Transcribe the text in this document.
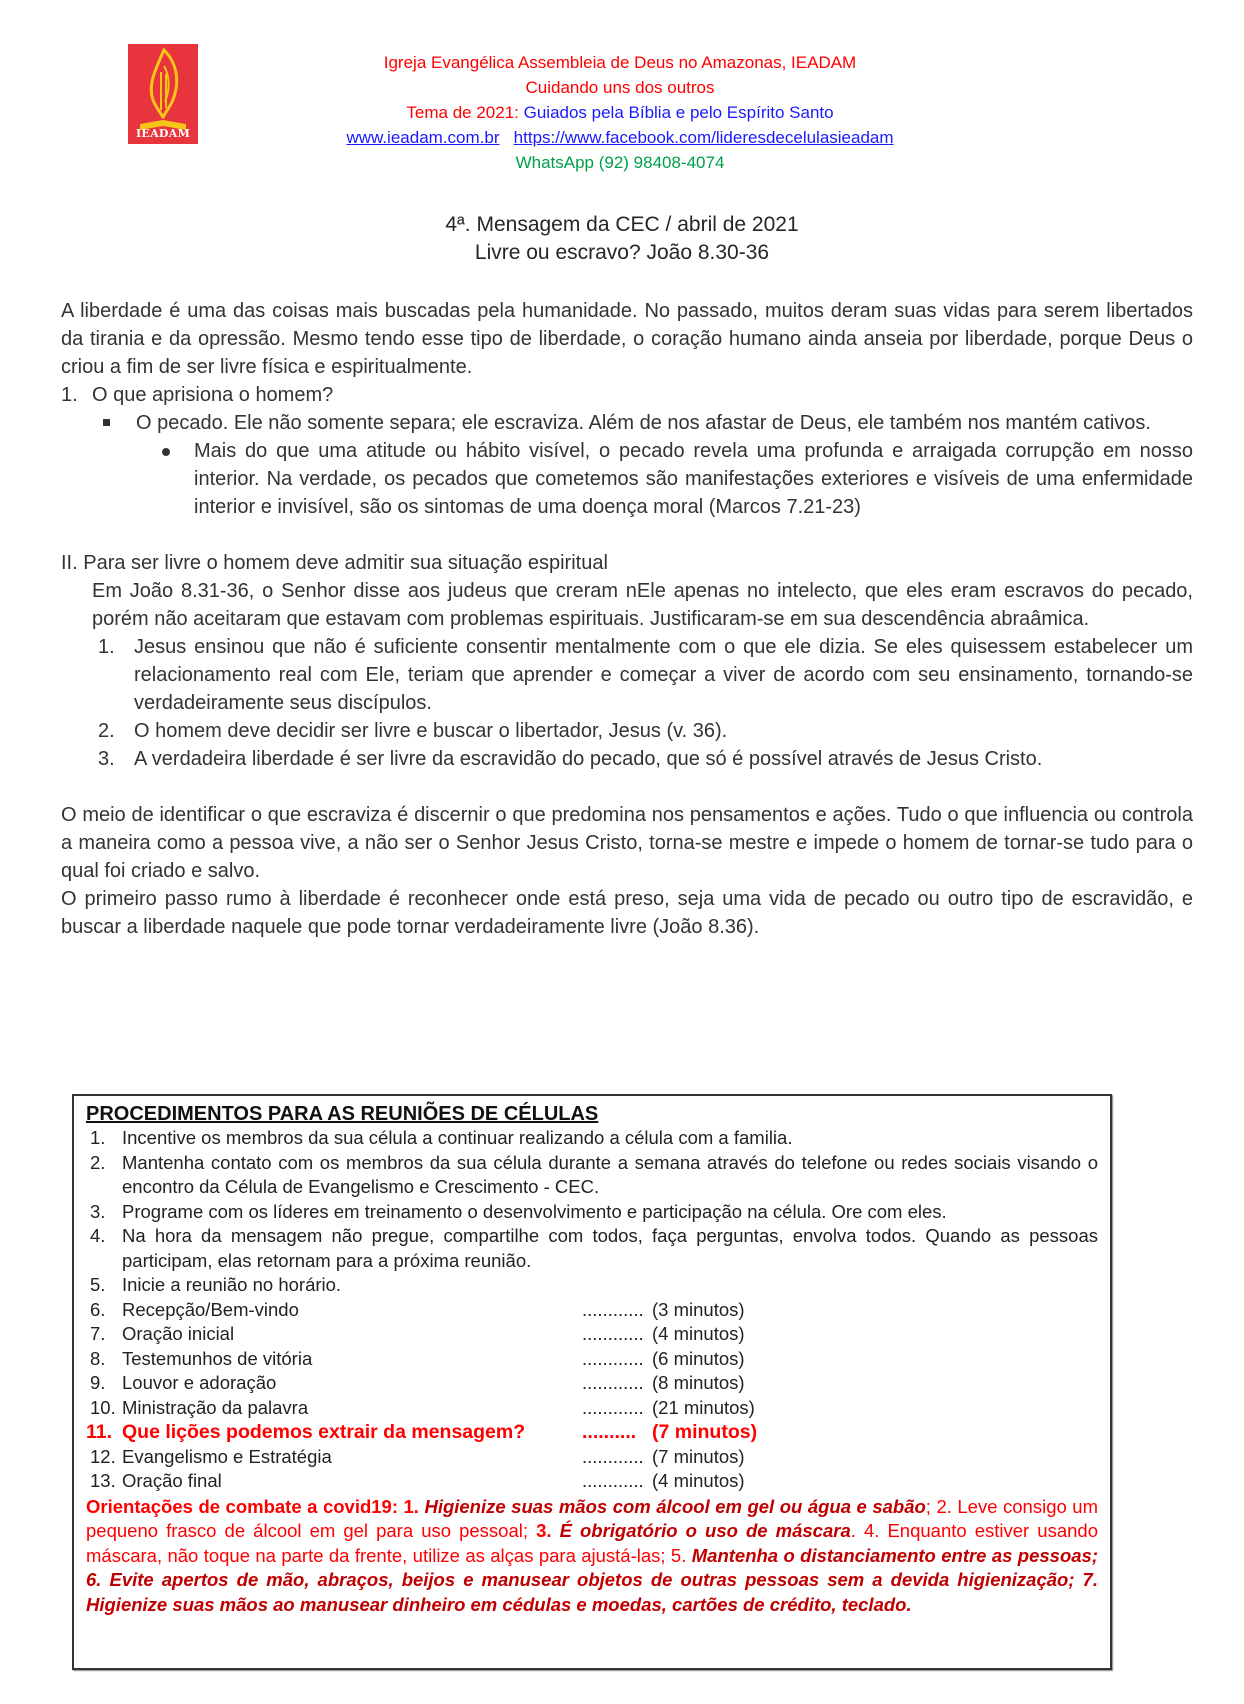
IEADAM
Igreja Evangélica Assembleia de Deus no Amazonas, IEADAM
Cuidando uns dos outros
Tema de 2021: Guiados pela Bíblia e pelo Espírito Santo
www.ieadam.com.br https://www.facebook.com/lideresdecelulasieadam
WhatsApp (92) 98408-4074
4ª. Mensagem da CEC / abril de 2021
Livre ou escravo? João 8.30-36

A liberdade é uma das coisas mais buscadas pela humanidade. No passado, muitos deram suas vidas para serem libertados da tirania e da opressão. Mesmo tendo esse tipo de liberdade, o coração humano ainda anseia por liberdade, porque Deus o criou a fim de ser livre física e espiritualmente.

1. O que aprisiona o homem?
O pecado. Ele não somente separa; ele escraviza. Além de nos afastar de Deus, ele também nos mantém cativos.
Mais do que uma atitude ou hábito visível, o pecado revela uma profunda e arraigada corrupção em nosso interior. Na verdade, os pecados que cometemos são manifestações exteriores e visíveis de uma enfermidade interior e invisível, são os sintomas de uma doença moral (Marcos 7.21-23)
II. Para ser livre o homem deve admitir sua situação espiritual

Em João 8.31-36, o Senhor disse aos judeus que creram nEle apenas no intelecto, que eles eram escravos do pecado, porém não aceitaram que estavam com problemas espirituais. Justificaram-se em sua descendência abraâmica.

1. Jesus ensinou que não é suficiente consentir mentalmente com o que ele dizia. Se eles quisessem estabelecer um relacionamento real com Ele, teriam que aprender e começar a viver de acordo com seu ensinamento, tornando-se verdadeiramente seus discípulos.
2. O homem deve decidir ser livre e buscar o libertador, Jesus (v. 36).
3. A verdadeira liberdade é ser livre da escravidão do pecado, que só é possível através de Jesus Cristo.

O meio de identificar o que escraviza é discernir o que predomina nos pensamentos e ações. Tudo o que influencia ou controla a maneira como a pessoa vive, a não ser o Senhor Jesus Cristo, torna-se mestre e impede o homem de tornar-se tudo para o qual foi criado e salvo.

O primeiro passo rumo à liberdade é reconhecer onde está preso, seja uma vida de pecado ou outro tipo de escravidão, e buscar a liberdade naquele que pode tornar verdadeiramente livre (João 8.36).

PROCEDIMENTOS PARA AS REUNIÕES DE CÉLULAS
1. Incentive os membros da sua célula a continuar realizando a célula com a familia.
2. Mantenha contato com os membros da sua célula durante a semana através do telefone ou redes sociais visando o encontro da Célula de Evangelismo e Crescimento - CEC.
3. Programe com os líderes em treinamento o desenvolvimento e participação na célula. Ore com eles.
4. Na hora da mensagem não pregue, compartilhe com todos, faça perguntas, envolva todos. Quando as pessoas participam, elas retornam para a próxima reunião.
5. Inicie a reunião no horário.
6. Recepção/Bem-vindo	............ (3 minutos)
7. Oração inicial	............ (4 minutos)
8. Testemunhos de vitória	............ (6 minutos)
9. Louvor e adoração	............ (8 minutos)
10. Ministração da palavra	............ (21 minutos)
11. Que lições podemos extrair da mensagem?	.......... (7 minutos)
12. Evangelismo e Estratégia	............ (7 minutos)
13. Oração final	............ (4 minutos)
Orientações de combate a covid19: 1. Higienize suas mãos com álcool em gel ou água e sabão; 2. Leve consigo um pequeno frasco de álcool em gel para uso pessoal; 3. É obrigatório o uso de máscara. 4. Enquanto estiver usando máscara, não toque na parte da frente, utilize as alças para ajustá-las; 5. Mantenha o distanciamento entre as pessoas; 6. Evite apertos de mão, abraços, beijos e manusear objetos de outras pessoas sem a devida higienização; 7. Higienize suas mãos ao manusear dinheiro em cédulas e moedas, cartões de crédito, teclado.
